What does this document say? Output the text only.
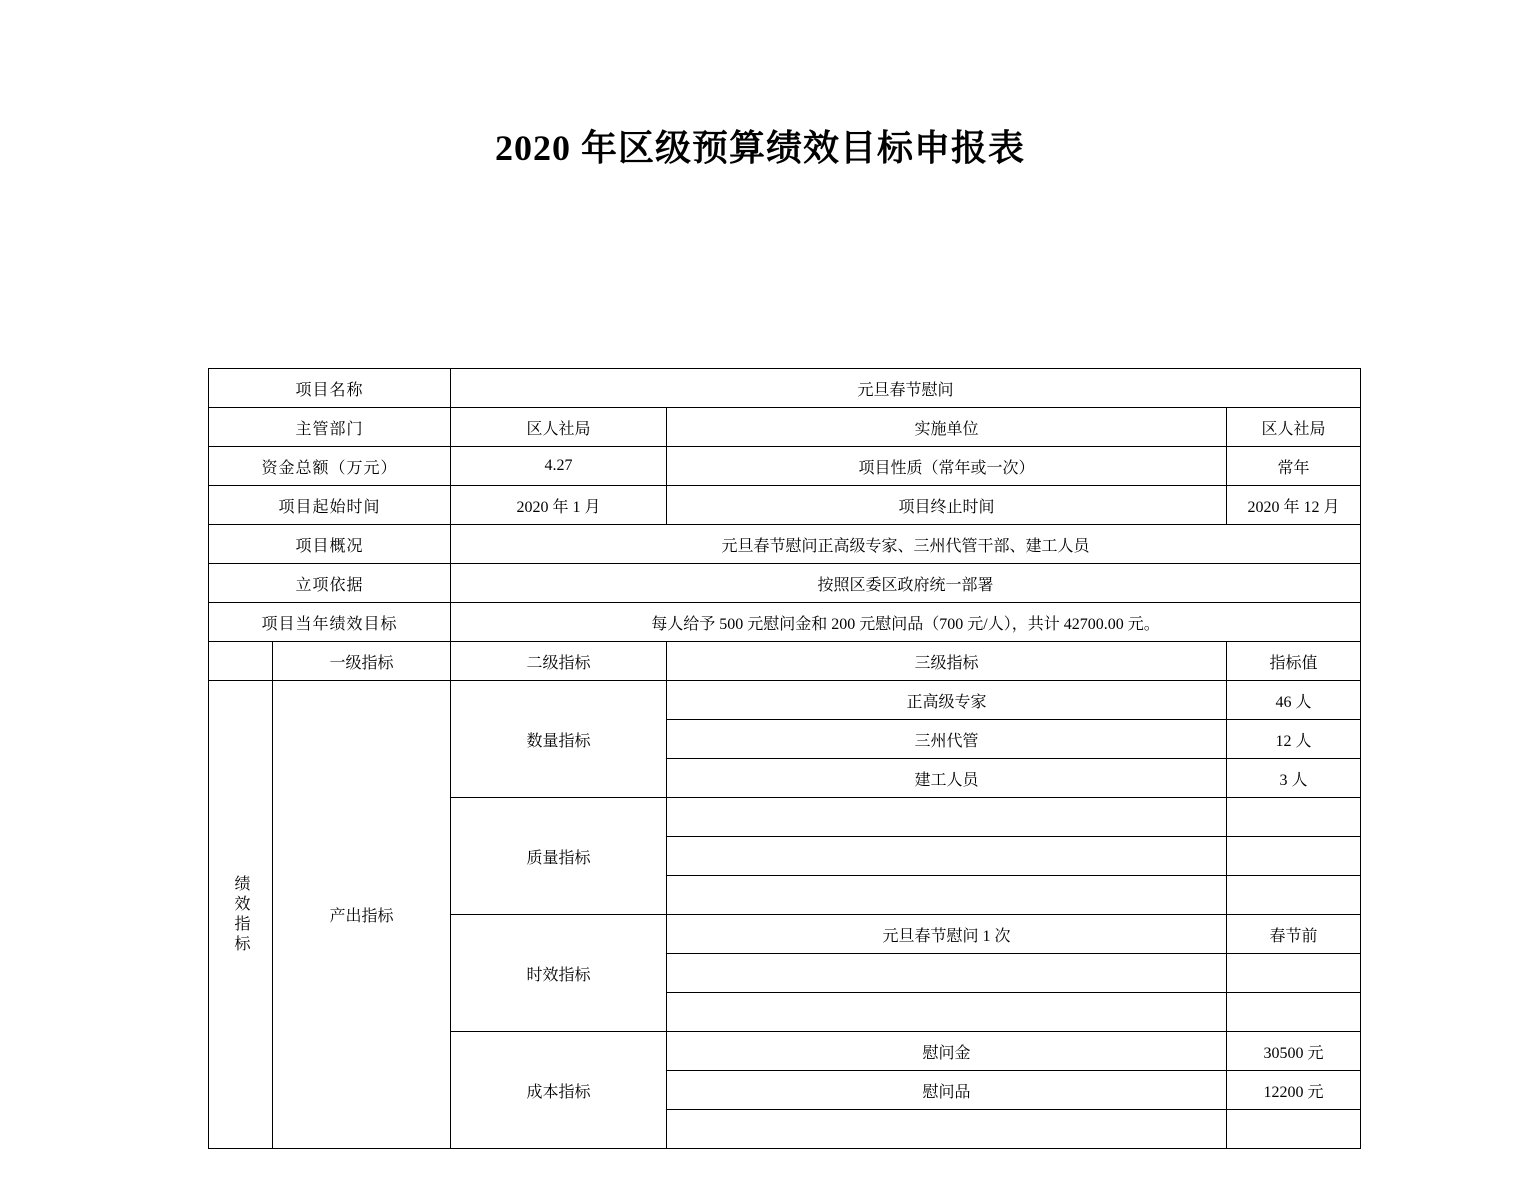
2020 年区级预算绩效目标申报表
项目名称		元旦春节慰问		
主管部门		区人社局	实施单位	区人社局
资金总额（万元）		4.27	项目性质（常年或一次）	常年
项目起始时间		2020 年 1 月	项目终止时间	2020 年 12 月
项目概况		元旦春节慰问正高级专家、三州代管干部、建工人员		
立项依据		按照区委区政府统一部署		
项目当年绩效目标		每人给予 500 元慰问金和 200 元慰问品（700 元/人），共计 42700.00 元。		
	一级指标	二级指标	三级指标	指标值
绩效指标	产出指标	数量指标	正高级专家	46 人
			三州代管	12 人
			建工人员	3 人
		质量指标		

		时效指标	元旦春节慰问 1 次	春节前

		成本指标	慰问金	30500 元
			慰问品	12200 元
